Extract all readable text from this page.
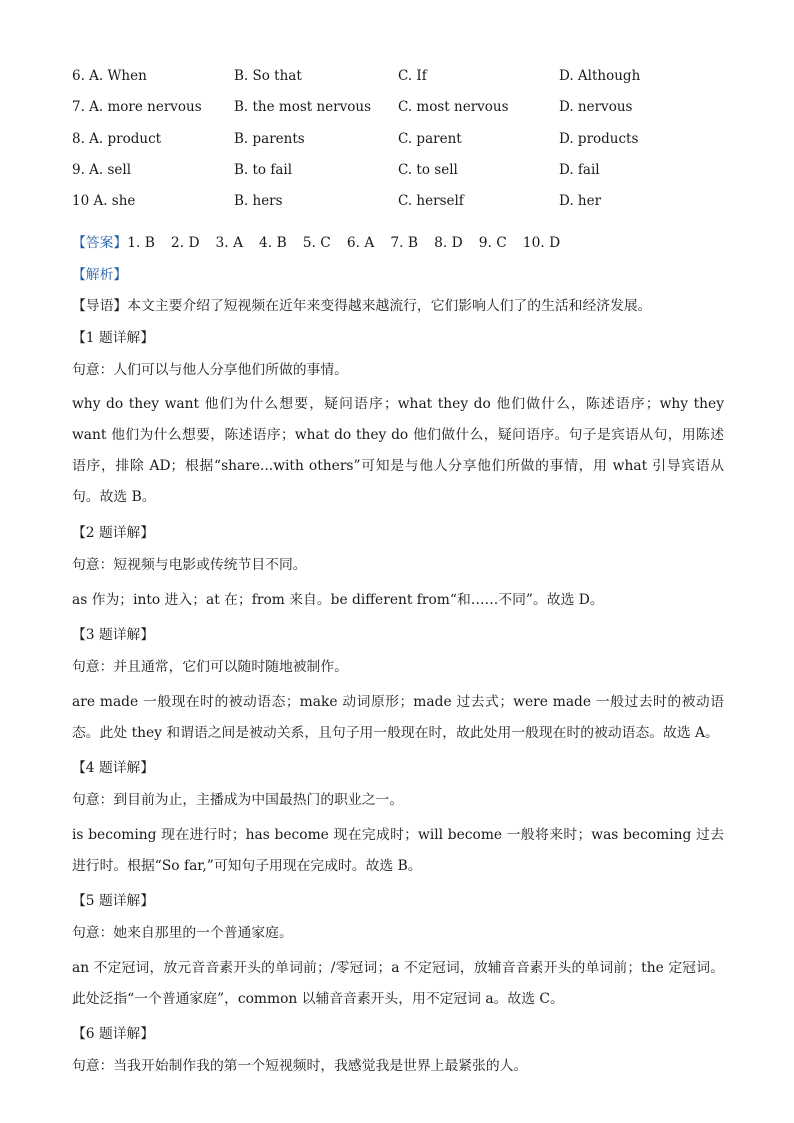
6. A. When	B. So that	C. If	D. Although
7. A. more nervous B. the most nervous C. most nervous	D. nervous
8. A. product	B. parents	C. parent	D. products
9. A. sell	B. to fail	C. to sell	D. fail
10 A. she	B. hers	C. herself	D. her

【答案】1. B 2. D 3. A 4. B 5. C 6. A 7. B 8. D 9. C 10. D

【解析】

【导语】本文主要介绍了短视频在近年来变得越来越流行，它们影响人们了的生活和经济发展。

【1 题详解】

句意：人们可以与他人分享他们所做的事情。

why do they want 他们为什么想要，疑问语序；what they do 他们做什么，陈述语序；why they want 他们为什么想要，陈述语序；what do they do 他们做什么，疑问语序。句子是宾语从句，用陈述语序，排除 AD；根据“share...with others”可知是与他人分享他们所做的事情，用 what 引导宾语从句。故选 B。

【2 题详解】

句意：短视频与电影或传统节目不同。

as 作为；into 进入；at 在；from 来自。be different from“和……不同”。故选 D。

【3 题详解】

句意：并且通常，它们可以随时随地被制作。

are made 一般现在时的被动语态；make 动词原形；made 过去式；were made 一般过去时的被动语态。此处 they 和谓语之间是被动关系，且句子用一般现在时，故此处用一般现在时的被动语态。故选 A。

【4 题详解】

句意：到目前为止，主播成为中国最热门的职业之一。

is becoming 现在进行时；has become 现在完成时；will become 一般将来时；was becoming 过去进行时。根据“So far,”可知句子用现在完成时。故选 B。

【5 题详解】

句意：她来自那里的一个普通家庭。

an 不定冠词，放元音音素开头的单词前；/零冠词；a 不定冠词，放辅音音素开头的单词前；the 定冠词。此处泛指“一个普通家庭”，common 以辅音音素开头，用不定冠词 a。故选 C。

【6 题详解】

句意：当我开始制作我的第一个短视频时，我感觉我是世界上最紧张的人。
